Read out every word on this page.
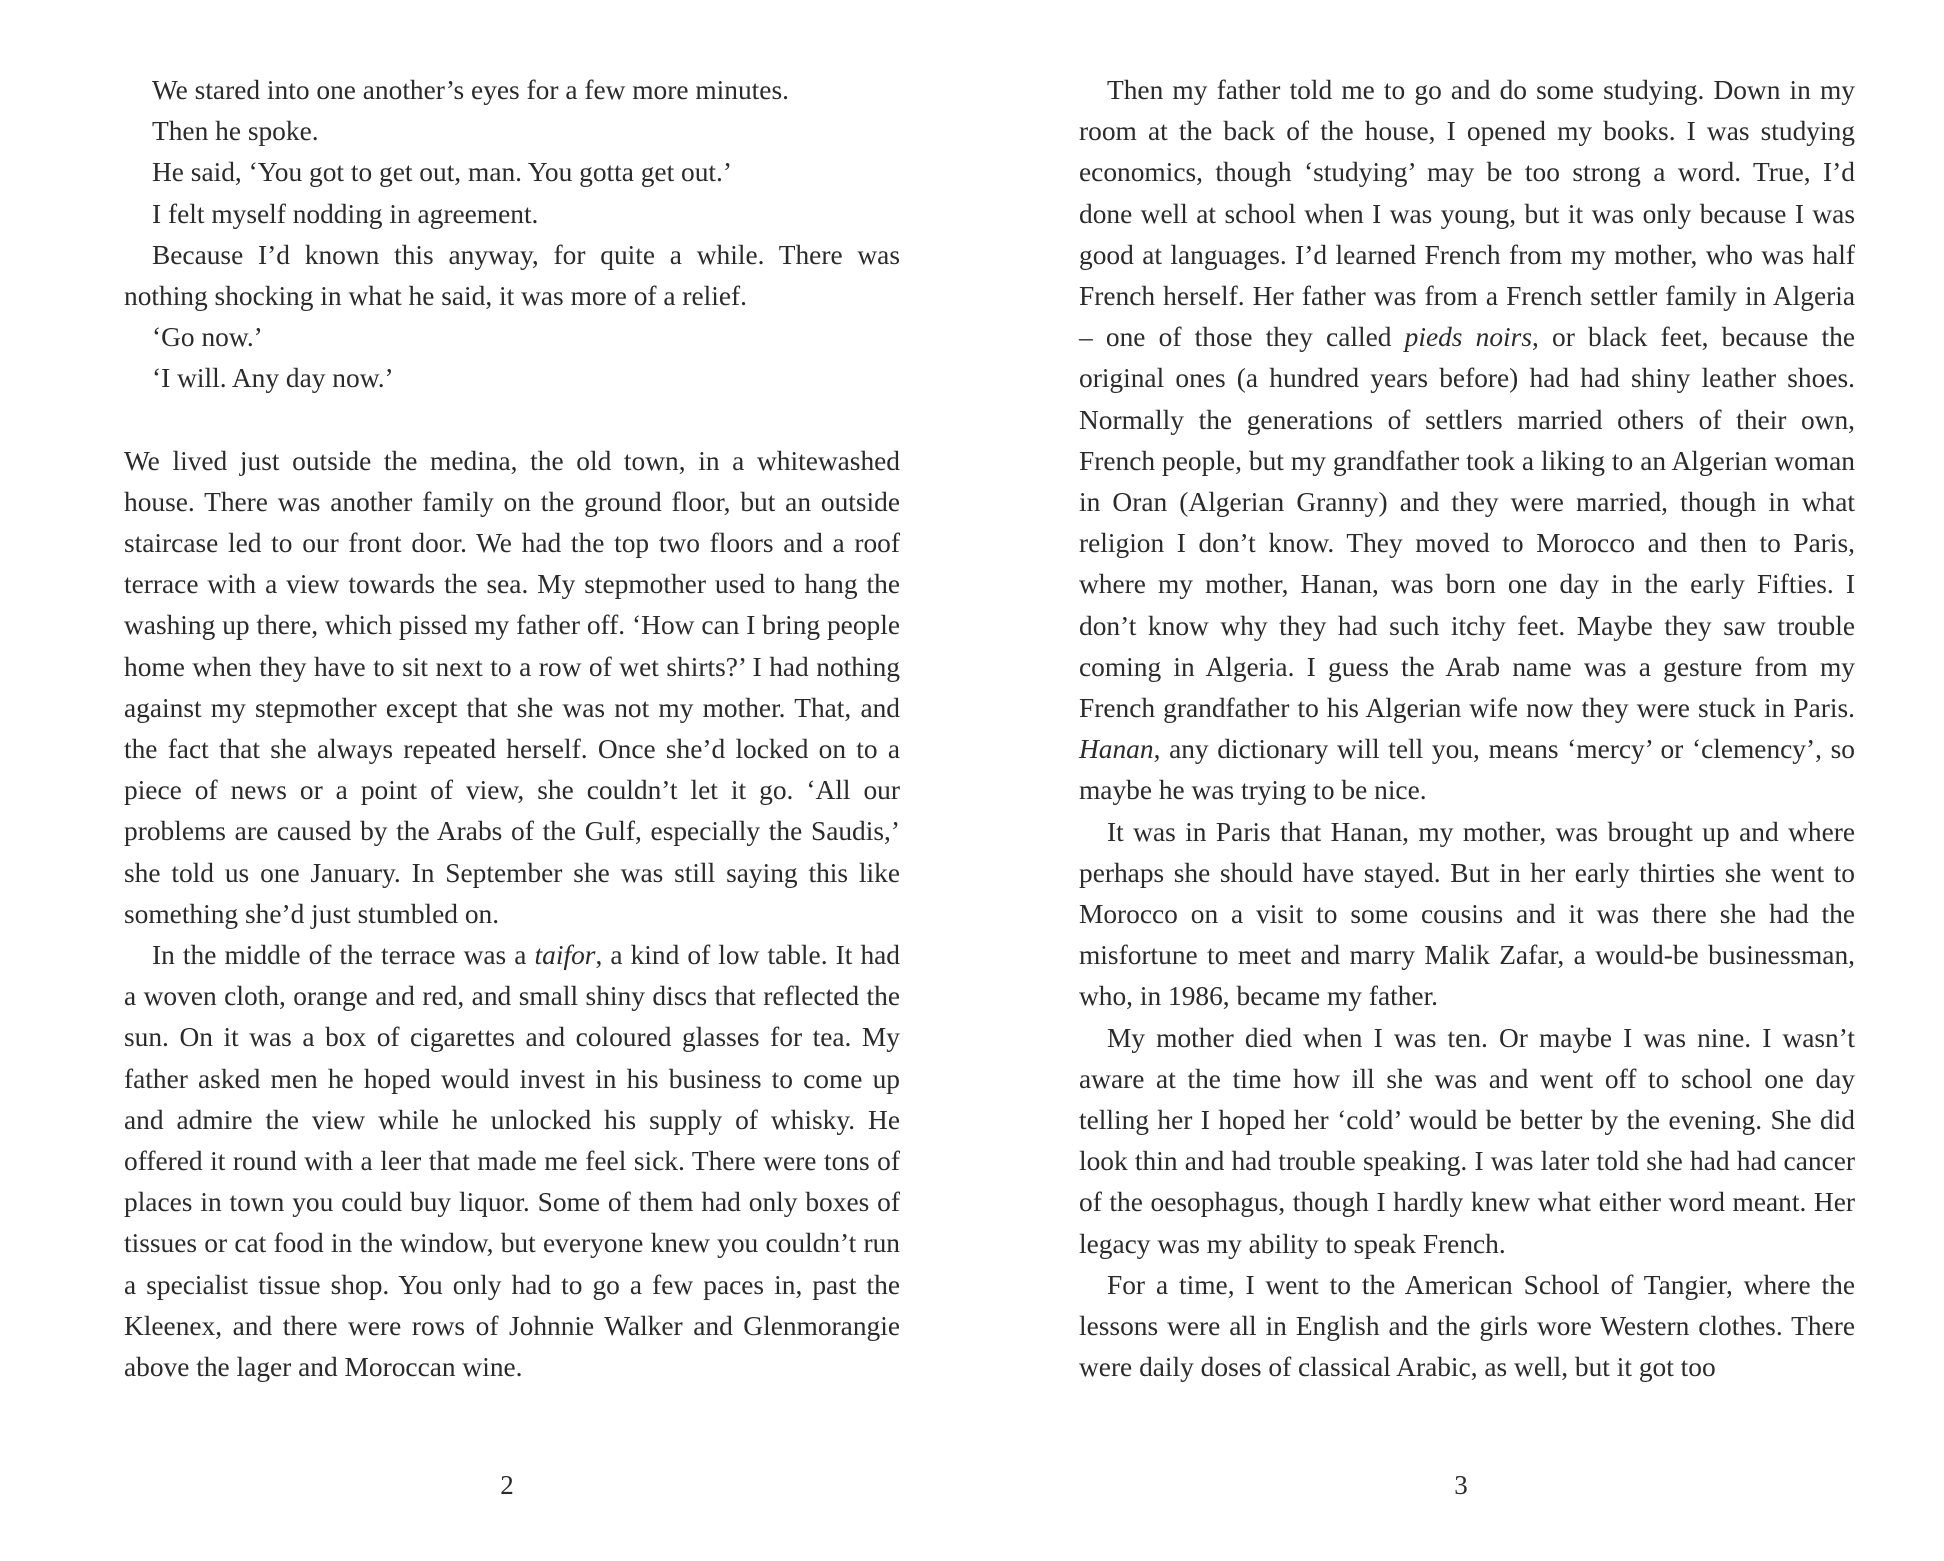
We stared into one another’s eyes for a few more minutes.

Then he spoke.

He said, ‘You got to get out, man. You gotta get out.’

I felt myself nodding in agreement.

Because I’d known this anyway, for quite a while. There was nothing shocking in what he said, it was more of a relief.

‘Go now.’

‘I will. Any day now.’

We lived just outside the medina, the old town, in a whitewashed house. There was another family on the ground floor, but an outside staircase led to our front door. We had the top two floors and a roof terrace with a view towards the sea. My stepmother used to hang the washing up there, which pissed my father off. ‘How can I bring people home when they have to sit next to a row of wet shirts?’ I had nothing against my stepmother except that she was not my mother. That, and the fact that she always repeated herself. Once she’d locked on to a piece of news or a point of view, she couldn’t let it go. ‘All our problems are caused by the Arabs of the Gulf, especially the Saudis,’ she told us one January. In September she was still saying this like something she’d just stumbled on.

In the middle of the terrace was a taifor, a kind of low table. It had a woven cloth, orange and red, and small shiny discs that reflected the sun. On it was a box of cigarettes and coloured glasses for tea. My father asked men he hoped would invest in his business to come up and admire the view while he unlocked his supply of whisky. He offered it round with a leer that made me feel sick. There were tons of places in town you could buy liquor. Some of them had only boxes of tissues or cat food in the window, but everyone knew you couldn’t run a specialist tissue shop. You only had to go a few paces in, past the Kleenex, and there were rows of Johnnie Walker and Glenmorangie above the lager and Moroccan wine.

2

Then my father told me to go and do some studying. Down in my room at the back of the house, I opened my books. I was studying economics, though ‘studying’ may be too strong a word. True, I’d done well at school when I was young, but it was only because I was good at languages. I’d learned French from my mother, who was half French herself. Her father was from a French settler family in Algeria – one of those they called pieds noirs, or black feet, because the original ones (a hundred years before) had had shiny leather shoes. Normally the generations of settlers married others of their own, French people, but my grandfather took a liking to an Algerian woman in Oran (Algerian Granny) and they were married, though in what religion I don’t know. They moved to Morocco and then to Paris, where my mother, Hanan, was born one day in the early Fifties. I don’t know why they had such itchy feet. Maybe they saw trouble coming in Algeria. I guess the Arab name was a gesture from my French grandfather to his Algerian wife now they were stuck in Paris. Hanan, any dictionary will tell you, means ‘mercy’ or ‘clemency’, so maybe he was trying to be nice.

It was in Paris that Hanan, my mother, was brought up and where perhaps she should have stayed. But in her early thirties she went to Morocco on a visit to some cousins and it was there she had the misfortune to meet and marry Malik Zafar, a would-be businessman, who, in 1986, became my father.

My mother died when I was ten. Or maybe I was nine. I wasn’t aware at the time how ill she was and went off to school one day telling her I hoped her ‘cold’ would be better by the evening. She did look thin and had trouble speaking. I was later told she had had cancer of the oesophagus, though I hardly knew what either word meant. Her legacy was my ability to speak French.

For a time, I went to the American School of Tangier, where the lessons were all in English and the girls wore Western clothes. There were daily doses of classical Arabic, as well, but it got too

3
